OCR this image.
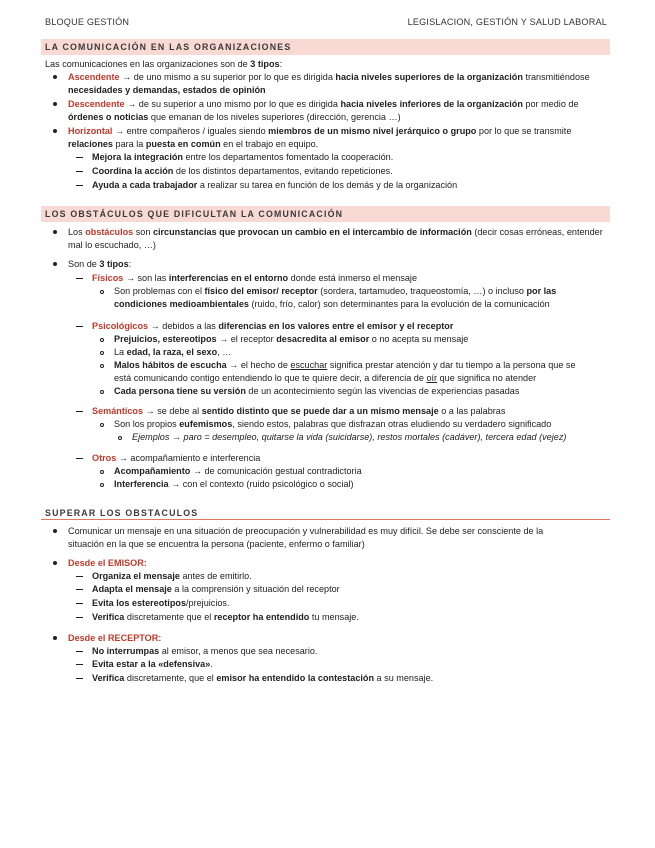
BLOQUE GESTIÓN	LEGISLACION, GESTIÓN Y SALUD LABORAL
LA COMUNICACIÓN EN LAS ORGANIZACIONES
Las comunicaciones en las organizaciones son de 3 tipos:
Ascendente → de uno mismo a su superior por lo que es dirigida hacia niveles superiores de la organización transmitiéndose
necesidades y demandas, estados de opinión
Descendente → de su superior a uno mismo por lo que es dirigida hacia niveles inferiores de la organización por medio de
órdenes o noticias que emanan de los niveles superiores (dirección, gerencia …)
Horizontal → entre compañeros / iguales siendo miembros de un mismo nivel jerárquico o grupo por lo que se transmite
relaciones para la puesta en común en el trabajo en equipo.
Mejora la integración entre los departamentos fomentado la cooperación.
Coordina la acción de los distintos departamentos, evitando repeticiones.
Ayuda a cada trabajador a realizar su tarea en función de los demás y de la organización
LOS OBSTÁCULOS QUE DIFICULTAN LA COMUNICACIÓN
Los obstáculos son circunstancias que provocan un cambio en el intercambio de información (decir cosas erróneas, entender
mal lo escuchado, …)
Son de 3 tipos:
Físicos → son las interferencias en el entorno donde está inmerso el mensaje
Son problemas con el físico del emisor/ receptor (sordera, tartamudeo, traqueostomía, …) o incluso por las
condiciones medioambientales (ruido, frío, calor) son determinantes para la evolución de la comunicación
Psicológicos → debidos a las diferencias en los valores entre el emisor y el receptor
Prejuicios, estereotipos → el receptor desacredita al emisor o no acepta su mensaje
La edad, la raza, el sexo, …
Malos hábitos de escucha → el hecho de escuchar significa prestar atención y dar tu tiempo a la persona que se
está comunicando contigo entendiendo lo que te quiere decir, a diferencia de oír que significa no atender
Cada persona tiene su versión de un acontecimiento según las vivencias de experiencias pasadas
Semánticos → se debe al sentido distinto que se puede dar a un mismo mensaje o a las palabras
Son los propios eufemismos, siendo estos, palabras que disfrazan otras eludiendo su verdadero significado
Ejemplos → paro = desempleo, quitarse la vida (suicidarse), restos mortales (cadáver), tercera edad (vejez)
Otros → acompañamiento e interferencia
Acompañamiento → de comunicación gestual contradictoria
Interferencia → con el contexto (ruido psicológico o social)
SUPERAR LOS OBSTACULOS
Comunicar un mensaje en una situación de preocupación y vulnerabilidad es muy difícil. Se debe ser consciente de la
situación en la que se encuentra la persona (paciente, enfermo o familiar)
Desde el EMISOR:
Organiza el mensaje antes de emitirlo.
Adapta el mensaje a la comprensión y situación del receptor
Evita los estereotipos/prejuicios.
Verifica discretamente que el receptor ha entendido tu mensaje.
Desde el RECEPTOR:
No interrumpas al emisor, a menos que sea necesario.
Evita estar a la «defensiva».
Verifica discretamente, que el emisor ha entendido la contestación a su mensaje.
